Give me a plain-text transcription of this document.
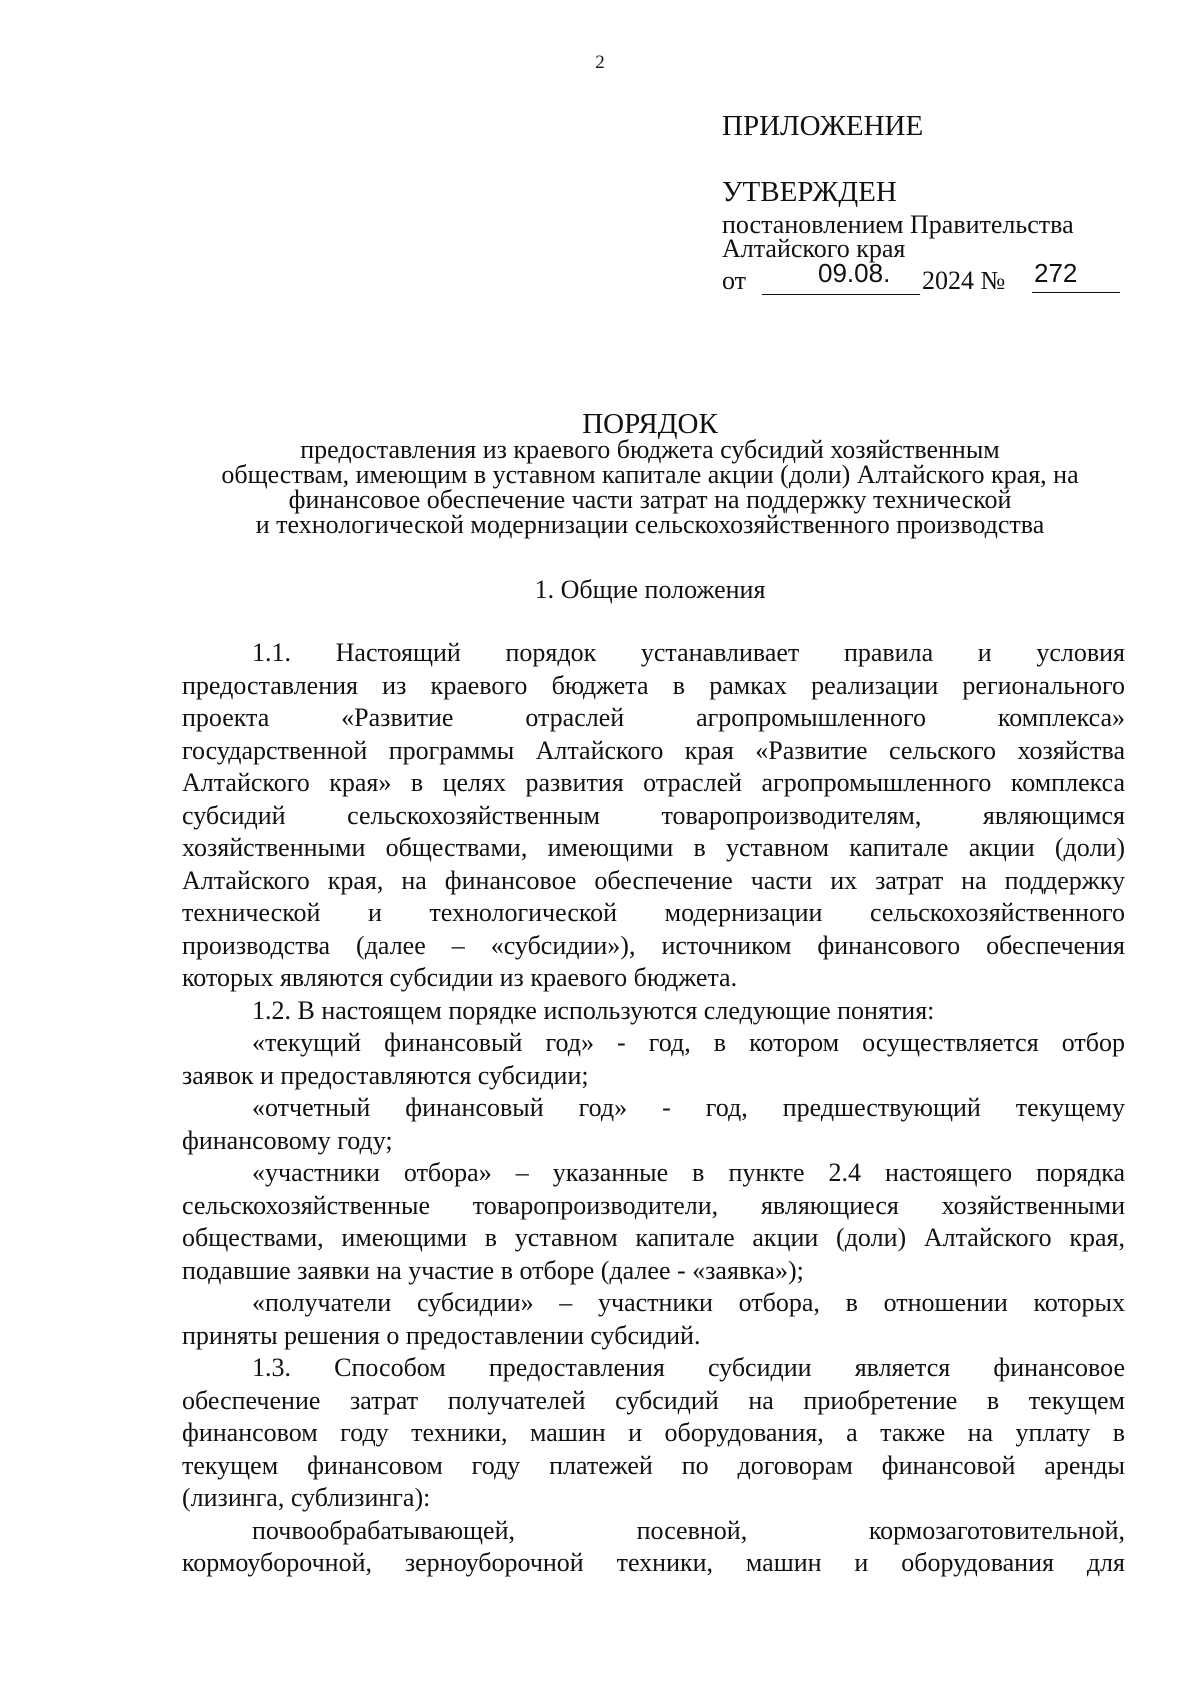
2
ПРИЛОЖЕНИЕ
УТВЕРЖДЕН
постановлением Правительства
Алтайского края
от	09.08. 2024 № 272
ПОРЯДОК
предоставления из краевого бюджета субсидий хозяйственным
обществам, имеющим в уставном капитале акции (доли) Алтайского края, на
финансовое обеспечение части затрат на поддержку технической
и технологической модернизации сельскохозяйственного производства
1. Общие положения
1.1. Настоящий порядок устанавливает правила и условия
предоставления из краевого бюджета в рамках реализации регионального
проекта «Развитие отраслей агропромышленного комплекса»
государственной программы Алтайского края «Развитие сельского хозяйства
Алтайского края» в целях развития отраслей агропромышленного комплекса
субсидий сельскохозяйственным товаропроизводителям, являющимся
хозяйственными обществами, имеющими в уставном капитале акции (доли)
Алтайского края, на финансовое обеспечение части их затрат на поддержку
технической и технологической модернизации сельскохозяйственного
производства (далее – «субсидии»), источником финансового обеспечения
которых являются субсидии из краевого бюджета.
1.2. В настоящем порядке используются следующие понятия:
«текущий финансовый год» - год, в котором осуществляется отбор
заявок и предоставляются субсидии;
«отчетный финансовый год» - год, предшествующий текущему
финансовому году;
«участники отбора» – указанные в пункте 2.4 настоящего порядка
сельскохозяйственные товаропроизводители, являющиеся хозяйственными
обществами, имеющими в уставном капитале акции (доли) Алтайского края,
подавшие заявки на участие в отборе (далее - «заявка»);
«получатели субсидии» – участники отбора, в отношении которых
приняты решения о предоставлении субсидий.
1.3. Способом предоставления субсидии является финансовое
обеспечение затрат получателей субсидий на приобретение в текущем
финансовом году техники, машин и оборудования, а также на уплату в
текущем финансовом году платежей по договорам финансовой аренды
(лизинга, сублизинга):
почвообрабатывающей, посевной, кормозаготовительной,
кормоуборочной, зерноуборочной техники, машин и оборудования для
